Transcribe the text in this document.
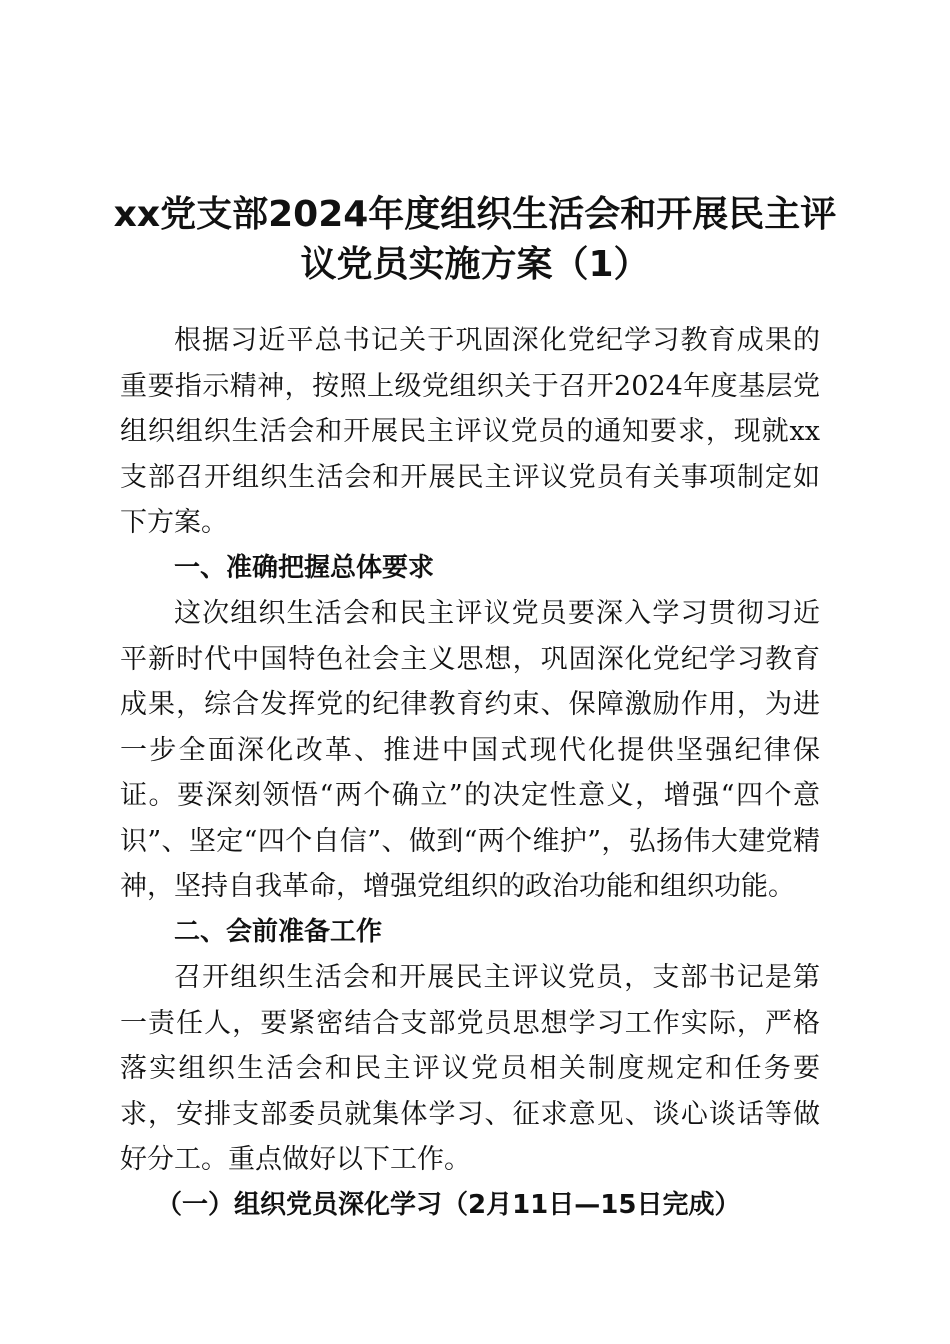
xx党支部2024年度组织生活会和开展民主评
议党员实施方案（1）

根据习近平总书记关于巩固深化党纪学习教育成果的重要指示精神，按照上级党组织关于召开2024年度基层党组织组织生活会和开展民主评议党员的通知要求，现就xx支部召开组织生活会和开展民主评议党员有关事项制定如下方案。

一、准确把握总体要求

这次组织生活会和民主评议党员要深入学习贯彻习近平新时代中国特色社会主义思想，巩固深化党纪学习教育成果，综合发挥党的纪律教育约束、保障激励作用，为进一步全面深化改革、推进中国式现代化提供坚强纪律保证。要深刻领悟“两个确立”的决定性意义，增强“四个意识”、坚定“四个自信”、做到“两个维护”，弘扬伟大建党精神，坚持自我革命，增强党组织的政治功能和组织功能。

二、会前准备工作

召开组织生活会和开展民主评议党员，支部书记是第一责任人，要紧密结合支部党员思想学习工作实际，严格落实组织生活会和民主评议党员相关制度规定和任务要求，安排支部委员就集体学习、征求意见、谈心谈话等做好分工。重点做好以下工作。

（一）组织党员深化学习（2月11日—15日完成）
